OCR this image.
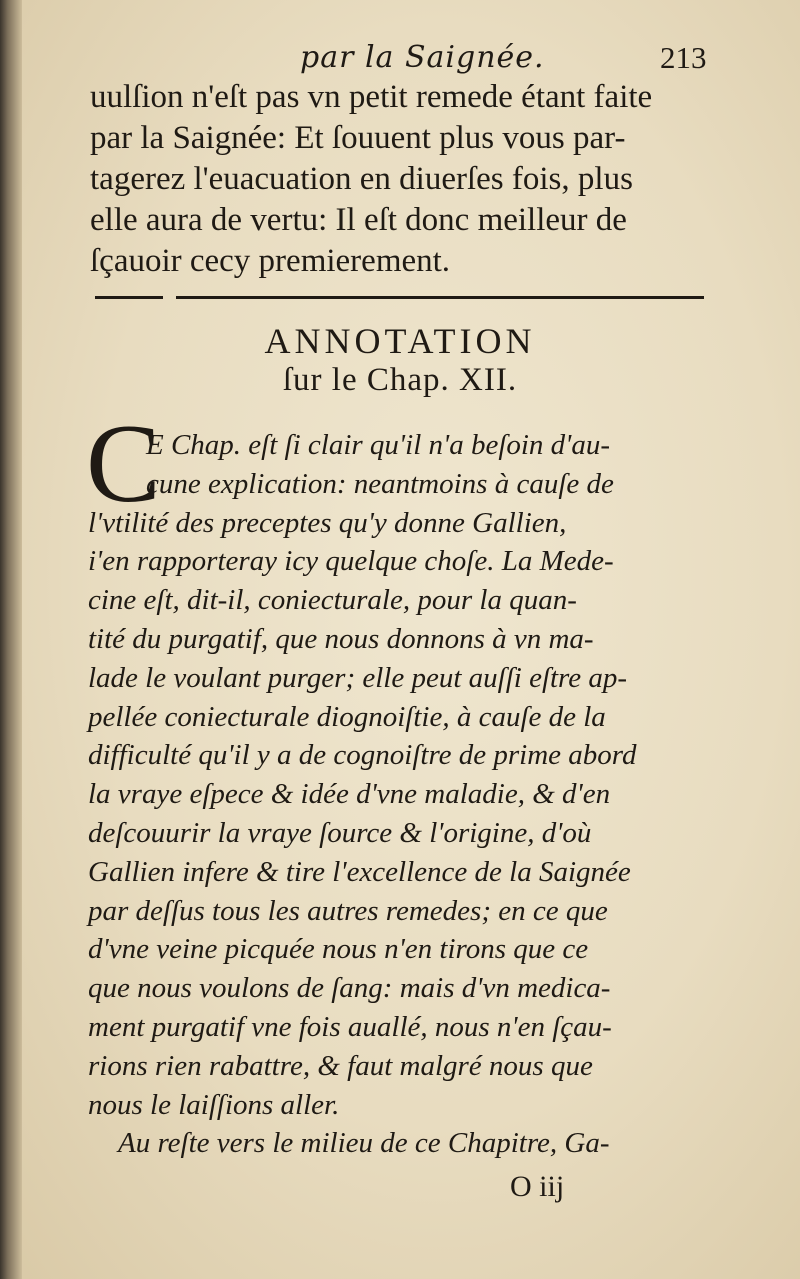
par la Saignée.	213
uulſion n'eſt pas vn petit remede étant faite
par la Saignée: Et ſouuent plus vous par-
tagerez l'euacuation en diuerſes fois, plus
elle aura de vertu: Il eſt donc meilleur de
ſçauoir cecy premierement.
ANNOTATION
ſur le Chap. XII.
C
E Chap. eſt ſi clair qu'il n'a beſoin d'au-
cune explication: neantmoins à cauſe de
l'vtilité des preceptes qu'y donne Gallien,
i'en rapporteray icy quelque choſe. La Mede-
cine eſt, dit-il, coniecturale, pour la quan-
tité du purgatif, que nous donnons à vn ma-
lade le voulant purger; elle peut auſſi eſtre ap-
pellée coniecturale diognoiſtie, à cauſe de la
difficulté qu'il y a de cognoiſtre de prime abord
la vraye eſpece & idée d'vne maladie, & d'en
deſcouurir la vraye ſource & l'origine, d'où
Gallien infere & tire l'excellence de la Saignée
par deſſus tous les autres remedes; en ce que
d'vne veine picquée nous n'en tirons que ce
que nous voulons de ſang: mais d'vn medica-
ment purgatif vne fois auallé, nous n'en ſçau-
rions rien rabattre, & faut malgré nous que
nous le laiſſions aller.
Au reſte vers le milieu de ce Chapitre, Ga-
O iij
